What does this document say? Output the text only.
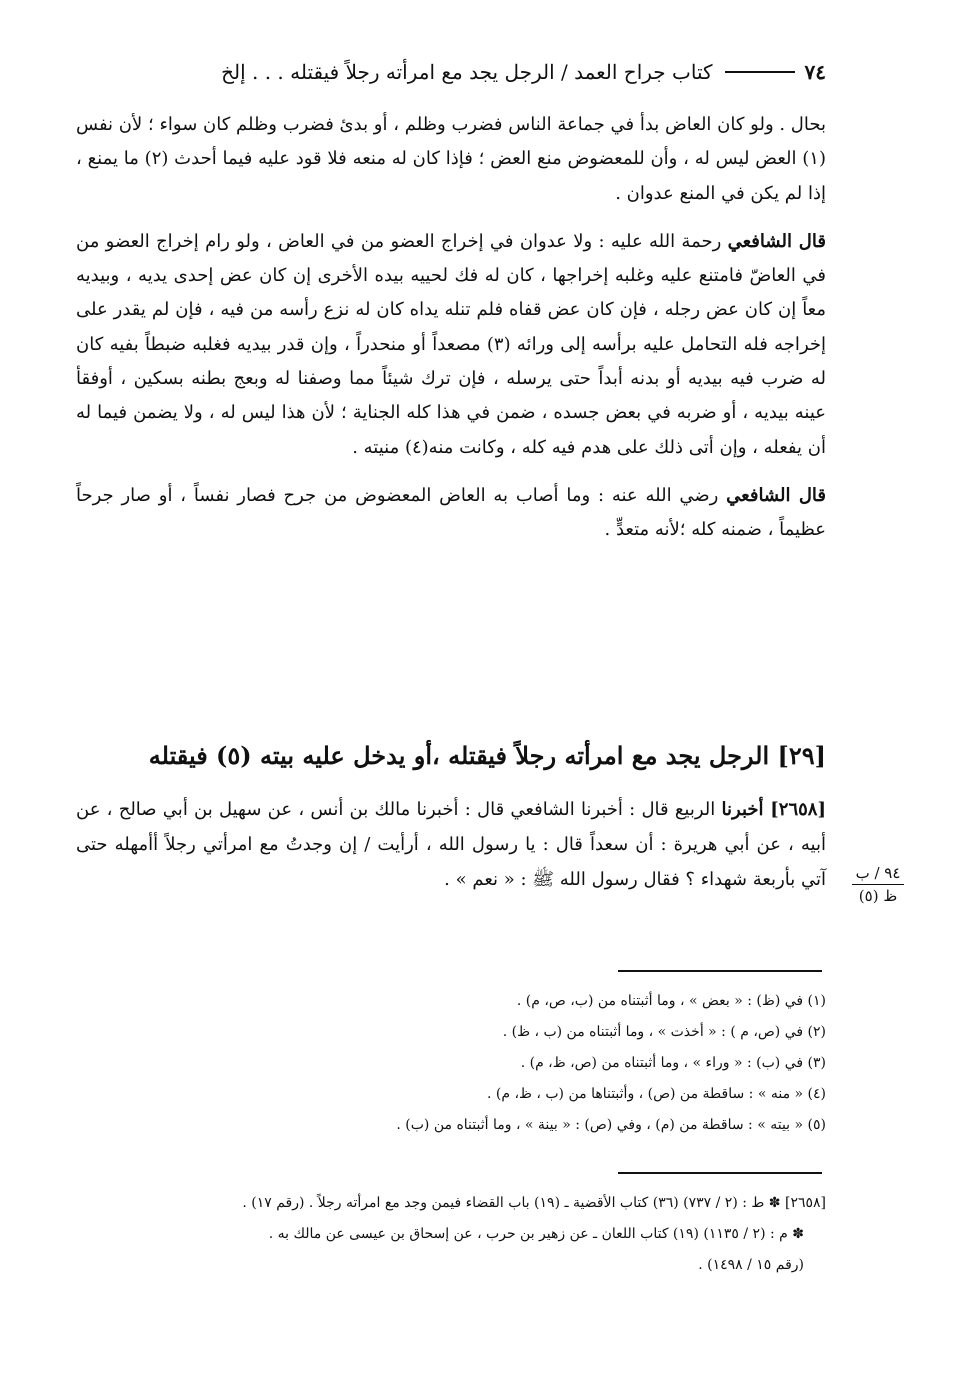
٧٤
كتاب جراح العمد / الرجل يجد مع امرأته رجلاً فيقتله . . . إلخ

بحال . ولو كان العاض بدأ في جماعة الناس فضرب وظلم ، أو بدئ فضرب وظلم كان سواء ؛ لأن نفس (١) العض ليس له ، وأن للمعضوض منع العض ؛ فإذا كان له منعه فلا قود عليه فيما أحدث (٢) ما يمنع ، إذا لم يكن في المنع عدوان .

قال الشافعي رحمة الله عليه : ولا عدوان في إخراج العضو من في العاض ، ولو رام إخراج العضو من في العاضّ فامتنع عليه وغلبه إخراجها ، كان له فك لحييه بيده الأخرى إن كان عض إحدى يديه ، وبيديه معاً إن كان عض رجله ، فإن كان عض قفاه فلم تنله يداه كان له نزع رأسه من فيه ، فإن لم يقدر على إخراجه فله التحامل عليه برأسه إلى ورائه (٣) مصعداً أو منحدراً ، وإن قدر بيديه فغلبه ضبطاً بفيه كان له ضرب فيه بيديه أو بدنه أبداً حتى يرسله ، فإن ترك شيئاً مما وصفنا له وبعج بطنه بسكين ، أوفقأ عينه بيديه ، أو ضربه في بعض جسده ، ضمن في هذا كله الجناية ؛ لأن هذا ليس له ، ولا يضمن فيما له أن يفعله ، وإن أتى ذلك على هدم فيه كله ، وكانت منه(٤) منيته .

قال الشافعي رضي الله عنه : وما أصاب به العاض المعضوض من جرح فصار نفساً ، أو صار جرحاً عظيماً ، ضمنه كله ؛لأنه متعدٍّ .

[٢٩] الرجل يجد مع امرأته رجلاً فيقتله ،أو يدخل عليه بيته (٥) فيقتله

[٢٦٥٨] أخبرنا الربيع قال : أخبرنا الشافعي قال : أخبرنا مالك بن أنس ، عن سهيل بن أبي صالح ، عن أبيه ، عن أبي هريرة : أن سعداً قال : يا رسول الله ، أرأيت / إن وجدتُ مع امرأتي رجلاً أأمهله حتى آتي بأربعة شهداء ؟ فقال رسول الله ﷺ : « نعم » .	٩٤ / ب
ظ (٥)
(١) في (ظ) : « بعض » ، وما أثبتناه من (ب، ص، م) .
(٢) في (ص، م ) : « أخذت » ، وما أثبتناه من (ب ، ظ) .
(٣) في (ب) : « وراء » ، وما أثبتناه من (ص، ظ، م) .
(٤) « منه » : ساقطة من (ص) ، وأثبتناها من (ب ، ظ، م) .
(٥) « بيته » : ساقطة من (م) ، وفي (ص) : « بينة » ، وما أثبتناه من (ب) .
[٢٦٥٨] ✽ ط : (٢ / ٧٣٧) (٣٦) كتاب الأقضية ـ (١٩) باب القضاء فيمن وجد مع امرأته رجلاً . (رقم ١٧) .
✽ م : (٢ / ١١٣٥) (١٩) كتاب اللعان ـ عن زهير بن حرب ، عن إسحاق بن عيسى عن مالك به .
(رقم ١٥ / ١٤٩٨) .
